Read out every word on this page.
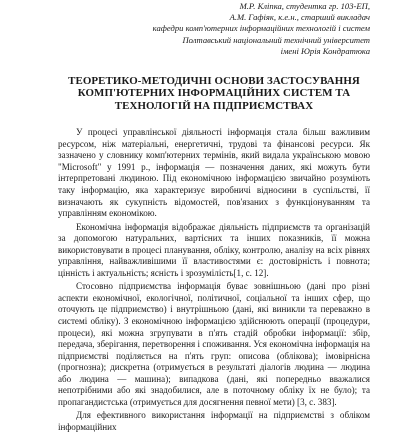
М.Р. Кліпка, студентка гр. 103-ЕП,
А.М. Гафіяк, к.е.н., старший викладач
кафедри комп'ютерних інформаційних технологій і систем
Полтавський національний технічний університет
імені Юрія Кондратюка
ТЕОРЕТИКО-МЕТОДИЧНІ ОСНОВИ ЗАСТОСУВАННЯ
КОМП'ЮТЕРНИХ ІНФОРМАЦІЙНИХ СИСТЕМ ТА
ТЕХНОЛОГІЙ НА ПІДПРИЄМСТВАХ

У процесі управлінської діяльності інформація стала більш важливим ресурсом, ніж матеріальні, енергетичні, трудові та фінансові ресурси. Як зазначено у словнику комп'ютерних термінів, який видала українською мовою "Microsoft" у 1991 р., інформація — позначення даних, які можуть бути інтерпретовані людиною. Під економічною інформацією звичайно розуміють таку інформацію, яка характеризує виробничі відносини в суспільстві, її визначають як сукупність відомостей, пов'язаних з функціонуванням та управлінням економікою.

Економічна інформація відображає діяльність підприємств та організацій за допомогою натуральних, вартісних та інших показників, її можна використовувати в процесі планування, обліку, контролю, аналізу на всіх рівнях управління, найважливішими її властивостями є: достовірність і повнота; цінність і актуальність; ясність і зрозумілість[1, с. 12].

Стосовно підприємства інформація буває зовнішньою (дані про різні аспекти економічної, екологічної, політичної, соціальної та інших сфер, що оточують це підприємство) і внутрішньою (дані, які виникли та переважно в системі обліку). З економічною інформацією здійснюють операції (процедури, процеси), які можна згрупувати в п'ять стадій обробки інформації: збір, передача, зберігання, перетворення і споживання. Уся економічна інформація на підприємстві поділяється на п'ять груп: описова (облікова); імовірнісна (прогнозна); дискретна (отримується в результаті діалогів людина — людина або людина — машина); випадкова (дані, які попередньо вважалися непотрібними або які знадобилися, але в поточному обліку їх не було); та пропагандистська (отримується для досягнення певної мети) [3, с. 383].

Для ефективного використання інформації на підприємстві з обліком інформаційних
